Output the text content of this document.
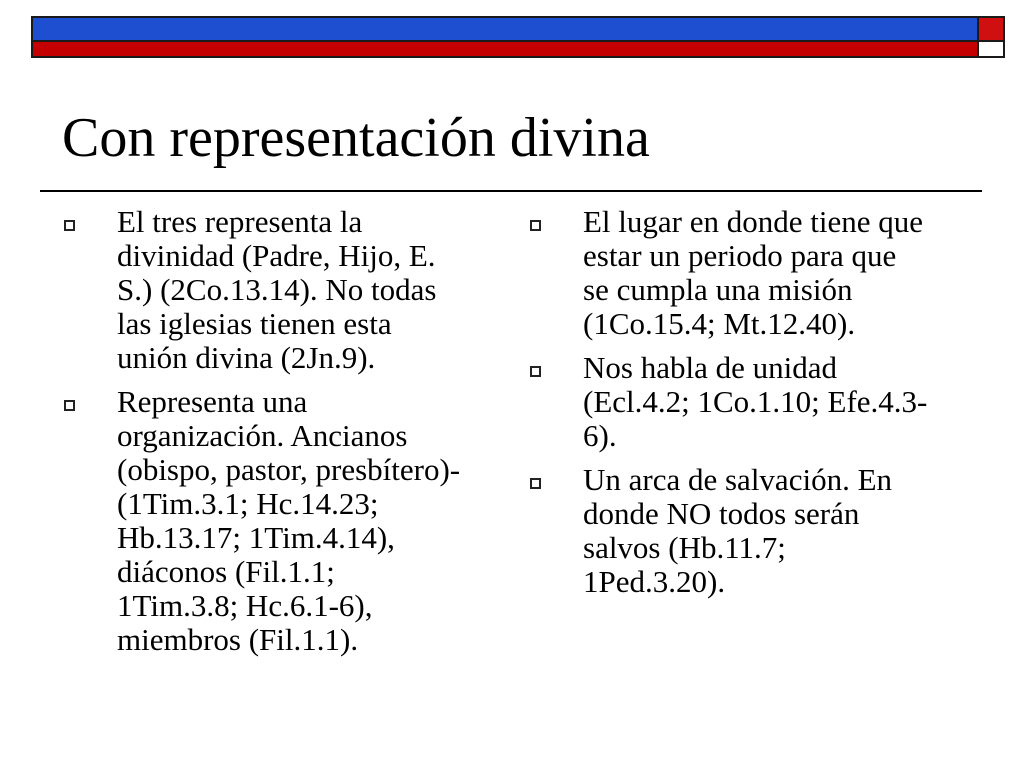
Con representación divina
El tres representa la
divinidad (Padre, Hijo, E.
S.) (2Co.13.14). No todas
las iglesias tienen esta
unión divina (2Jn.9).
Representa una
organización. Ancianos
(obispo, pastor, presbítero)-
(1Tim.3.1; Hc.14.23;
Hb.13.17; 1Tim.4.14),
diáconos (Fil.1.1;
1Tim.3.8; Hc.6.1-6),
miembros (Fil.1.1).
El lugar en donde tiene que
estar un periodo para que
se cumpla una misión
(1Co.15.4; Mt.12.40).
Nos habla de unidad
(Ecl.4.2; 1Co.1.10; Efe.4.3-
6).
Un arca de salvación. En
donde NO todos serán
salvos (Hb.11.7;
1Ped.3.20).
